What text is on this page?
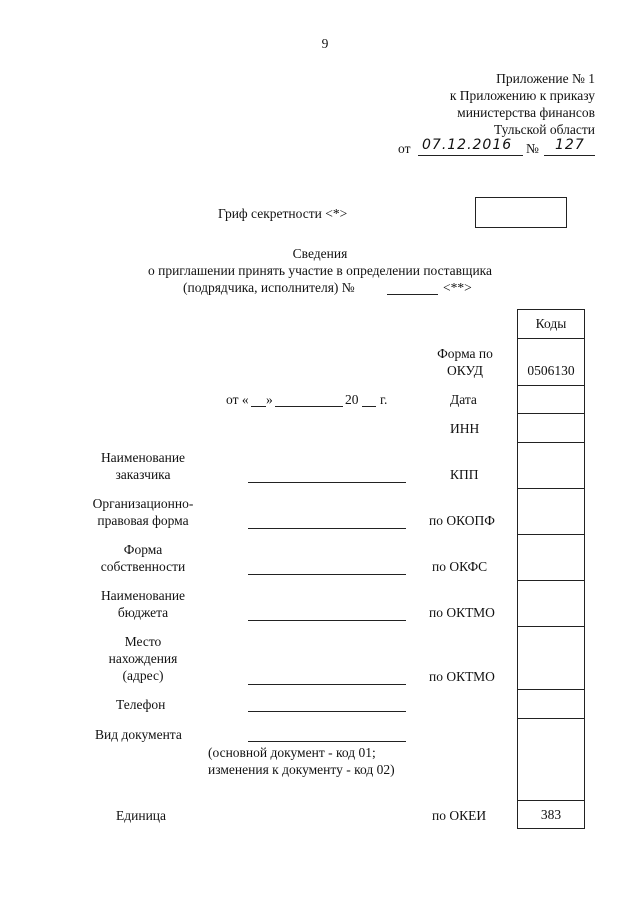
9
Приложение № 1
к Приложению к приказу
министерства финансов
Тульской области
от 07.12.2016 № 127
Гриф секретности <*>
Сведения
о приглашении принять участие в определении поставщика
(подрядчика, исполнителя) №	<**>
от « »	20 г.
Форма по ОКУД
Дата
ИНН
КПП
по ОКОПФ
по ОКФС
по ОКТМО
по ОКТМО
по ОКЕИ
Коды
0506130
383
Наименование заказчика
Организационно-правовая форма
Форма собственности
Наименование бюджета
Место нахождения (адрес)
Телефон
Вид документа
(основной документ - код 01; изменения к документу - код 02)
Единица
